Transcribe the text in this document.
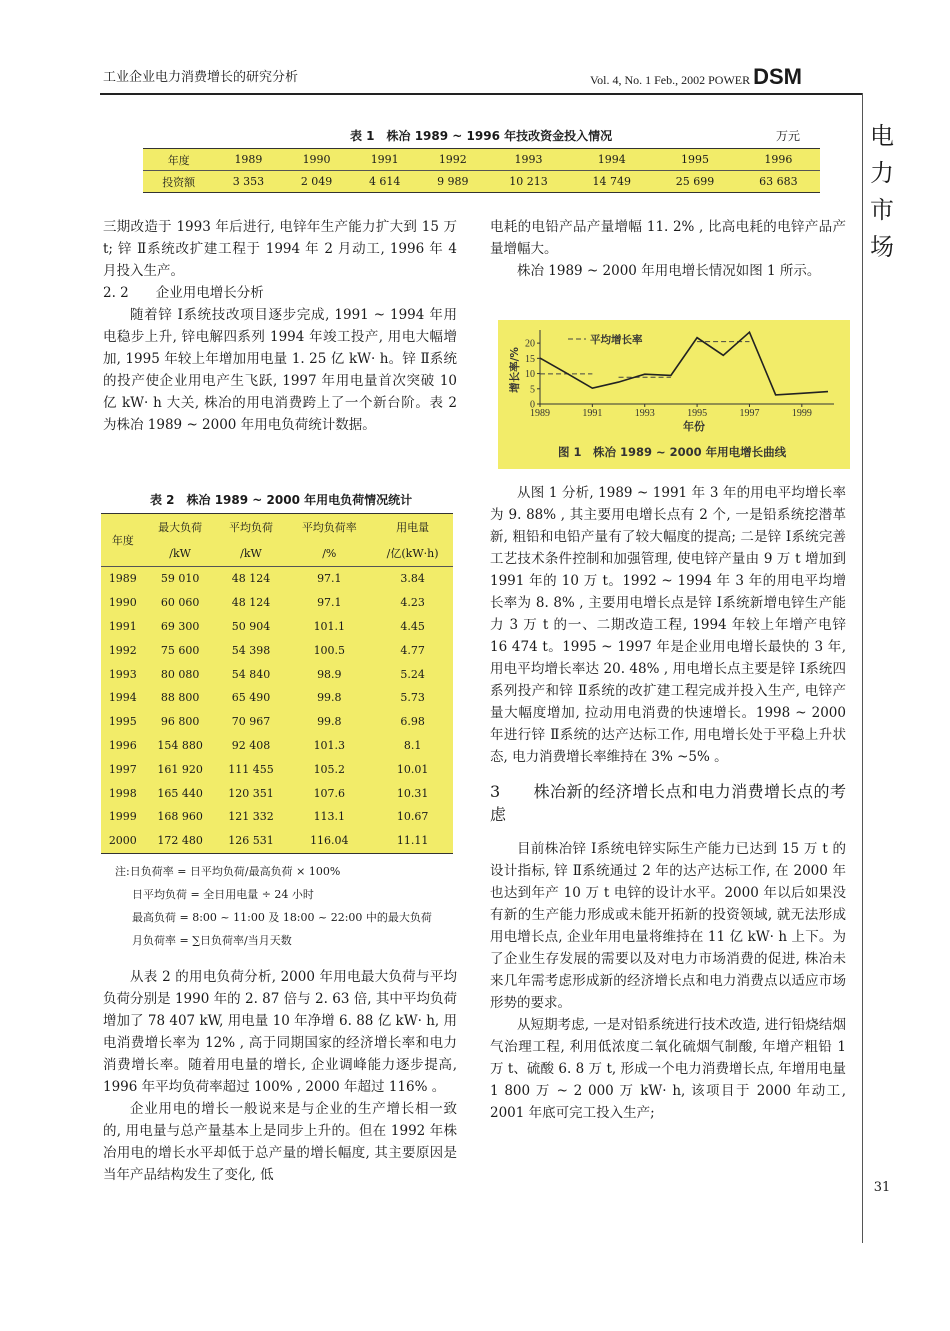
工业企业电力消费增长的研究分析	Vol. 4, No. 1 Feb., 2002 POWER DSM
电
力
市
场
31
表 1　株冶 1989 ~ 1996 年技改资金投入情况	万元
年度	1989	1990	1991	1992	1993	1994	1995	1996
投资额	3 353	2 049	4 614	9 989	10 213	14 749	25 699	63 683

三期改造于 1993 年后进行, 电锌年生产能力扩大到 15 万 t; 锌 Ⅱ系统改扩建工程于 1994 年 2 月动工, 1996 年 4 月投入生产。

2. 2　　企业用电增长分析

随着锌 Ⅰ系统技改项目逐步完成, 1991 ~ 1994 年用电稳步上升, 锌电解四系列 1994 年竣工投产, 用电大幅增加, 1995 年较上年增加用电量 1. 25 亿 kW· h。锌 Ⅱ系统的投产使企业用电产生飞跃, 1997 年用电量首次突破 10 亿 kW· h 大关, 株冶的用电消费跨上了一个新台阶。表 2 为株冶 1989 ~ 2000 年用电负荷统计数据。

表 2　株冶 1989 ~ 2000 年用电负荷情况统计
年度	最大负荷	平均负荷	平均负荷率	用电量
	/kW	/kW	/%	/亿(kW·h)
1989	59 010	48 124	97.1	3.84
1990	60 060	48 124	97.1	4.23
1991	69 300	50 904	101.1	4.45
1992	75 600	54 398	100.5	4.77
1993	80 080	54 840	98.9	5.24
1994	88 800	65 490	99.8	5.73
1995	96 800	70 967	99.8	6.98
1996	154 880	92 408	101.3	8.1
1997	161 920	111 455	105.2	10.01
1998	165 440	120 351	107.6	10.31
1999	168 960	121 332	113.1	10.67
2000	172 480	126 531	116.04	11.11
注:日负荷率 = 日平均负荷/最高负荷 × 100%
日平均负荷 = 全日用电量 ÷ 24 小时
最高负荷 = 8:00 ~ 11:00 及 18:00 ~ 22:00 中的最大负荷
月负荷率 = ∑日负荷率/当月天数

从表 2 的用电负荷分析, 2000 年用电最大负荷与平均负荷分别是 1990 年的 2. 87 倍与 2. 63 倍, 其中平均负荷增加了 78 407 kW, 用电量 10 年净增 6. 88 亿 kW· h, 用电消费增长率为 12% , 高于同期国家的经济增长率和电力消费增长率。随着用电量的增长, 企业调峰能力逐步提高, 1996 年平均负荷率超过 100% , 2000 年超过 116% 。

企业用电的增长一般说来是与企业的生产增长相一致的, 用电量与总产量基本上是同步上升的。但在 1992 年株冶用电的增长水平却低于总产量的增长幅度, 其主要原因是当年产品结构发生了变化, 低

电耗的电铅产品产量增幅 11. 2% , 比高电耗的电锌产品产量增幅大。

株冶 1989 ~ 2000 年用电增长情况如图 1 所示。

0
5
10
15
20
1989	1991	1993	1995	1997	1999
平均增长率
增长率/%
年份
图 1　株冶 1989 ~ 2000 年用电增长曲线

从图 1 分析, 1989 ~ 1991 年 3 年的用电平均增长率为 9. 88% , 其主要用电增长点有 2 个, 一是铅系统挖潜革新, 粗铅和电铅产量有了较大幅度的提高; 二是锌 Ⅰ系统完善工艺技术条件控制和加强管理, 使电锌产量由 9 万 t 增加到 1991 年的 10 万 t。1992 ~ 1994 年 3 年的用电平均增长率为 8. 8% , 主要用电增长点是锌 Ⅰ系统新增电锌生产能力 3 万 t 的一、二期改造工程, 1994 年较上年增产电锌 16 474 t。1995 ~ 1997 年是企业用电增长最快的 3 年, 用电平均增长率达 20. 48% , 用电增长点主要是锌 Ⅰ系统四系列投产和锌 Ⅱ系统的改扩建工程完成并投入生产, 电锌产量大幅度增加, 拉动用电消费的快速增长。1998 ~ 2000 年进行锌 Ⅱ系统的达产达标工作, 用电增长处于平稳上升状态, 电力消费增长率维持在 3% ~5% 。

3　　株冶新的经济增长点和电力消费增长点的考虑

目前株冶锌 Ⅰ系统电锌实际生产能力已达到 15 万 t 的设计指标, 锌 Ⅱ系统通过 2 年的达产达标工作, 在 2000 年也达到年产 10 万 t 电锌的设计水平。2000 年以后如果没有新的生产能力形成或未能开拓新的投资领域, 就无法形成用电增长点, 企业年用电量将维持在 11 亿 kW· h 上下。为了企业生存发展的需要以及对电力市场消费的促进, 株冶未来几年需考虑形成新的经济增长点和电力消费点以适应市场形势的要求。

从短期考虑, 一是对铅系统进行技术改造, 进行铅烧结烟气治理工程, 利用低浓度二氧化硫烟气制酸, 年增产粗铅 1 万 t、硫酸 6. 8 万 t, 形成一个电力消费增长点, 年增用电量 1 800 万 ~ 2 000 万 kW· h, 该项目于 2000 年动工, 2001 年底可完工投入生产;
